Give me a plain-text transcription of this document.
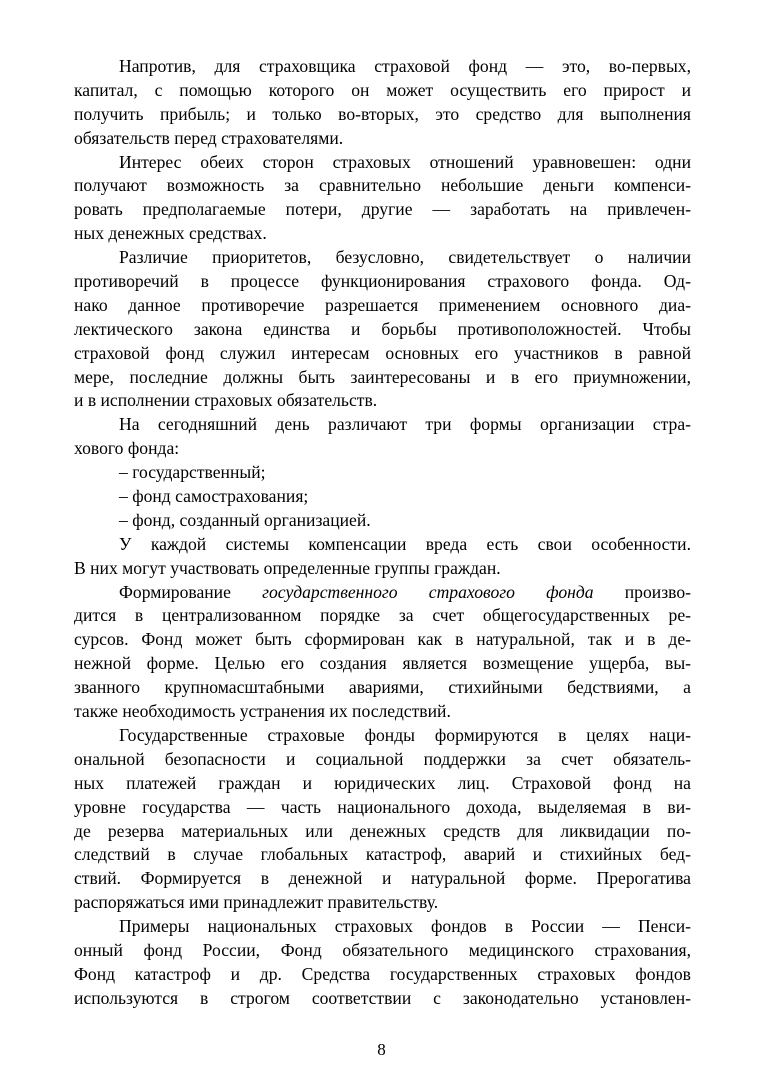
Напротив, для страховщика страховой фонд — это, во-первых,
капитал, с помощью которого он может осуществить его прирост и
получить прибыль; и только во-вторых, это средство для выполнения
обязательств перед страхователями.
Интерес обеих сторон страховых отношений уравновешен: одни
получают возможность за сравнительно небольшие деньги компенси-
ровать предполагаемые потери, другие — заработать на привлечен-
ных денежных средствах.
Различие приоритетов, безусловно, свидетельствует о наличии
противоречий в процессе функционирования страхового фонда. Од-
нако данное противоречие разрешается применением основного диа-
лектического закона единства и борьбы противоположностей. Чтобы
страховой фонд служил интересам основных его участников в равной
мере, последние должны быть заинтересованы и в его приумножении,
и в исполнении страховых обязательств.
На сегодняшний день различают три формы организации стра-
хового фонда:
– государственный;
– фонд самострахования;
– фонд, созданный организацией.
У каждой системы компенсации вреда есть свои особенности.
В них могут участвовать определенные группы граждан.
Формирование государственного страхового фонда произво-
дится в централизованном порядке за счет общегосударственных ре-
сурсов. Фонд может быть сформирован как в натуральной, так и в де-
нежной форме. Целью его создания является возмещение ущерба, вы-
званного крупномасштабными авариями, стихийными бедствиями, а
также необходимость устранения их последствий.
Государственные страховые фонды формируются в целях наци-
ональной безопасности и социальной поддержки за счет обязатель-
ных платежей граждан и юридических лиц. Страховой фонд на
уровне государства — часть национального дохода, выделяемая в ви-
де резерва материальных или денежных средств для ликвидации по-
следствий в случае глобальных катастроф, аварий и стихийных бед-
ствий. Формируется в денежной и натуральной форме. Прерогатива
распоряжаться ими принадлежит правительству.
Примеры национальных страховых фондов в России — Пенси-
онный фонд России, Фонд обязательного медицинского страхования,
Фонд катастроф и др. Средства государственных страховых фондов
используются в строгом соответствии с законодательно установлен-
8
